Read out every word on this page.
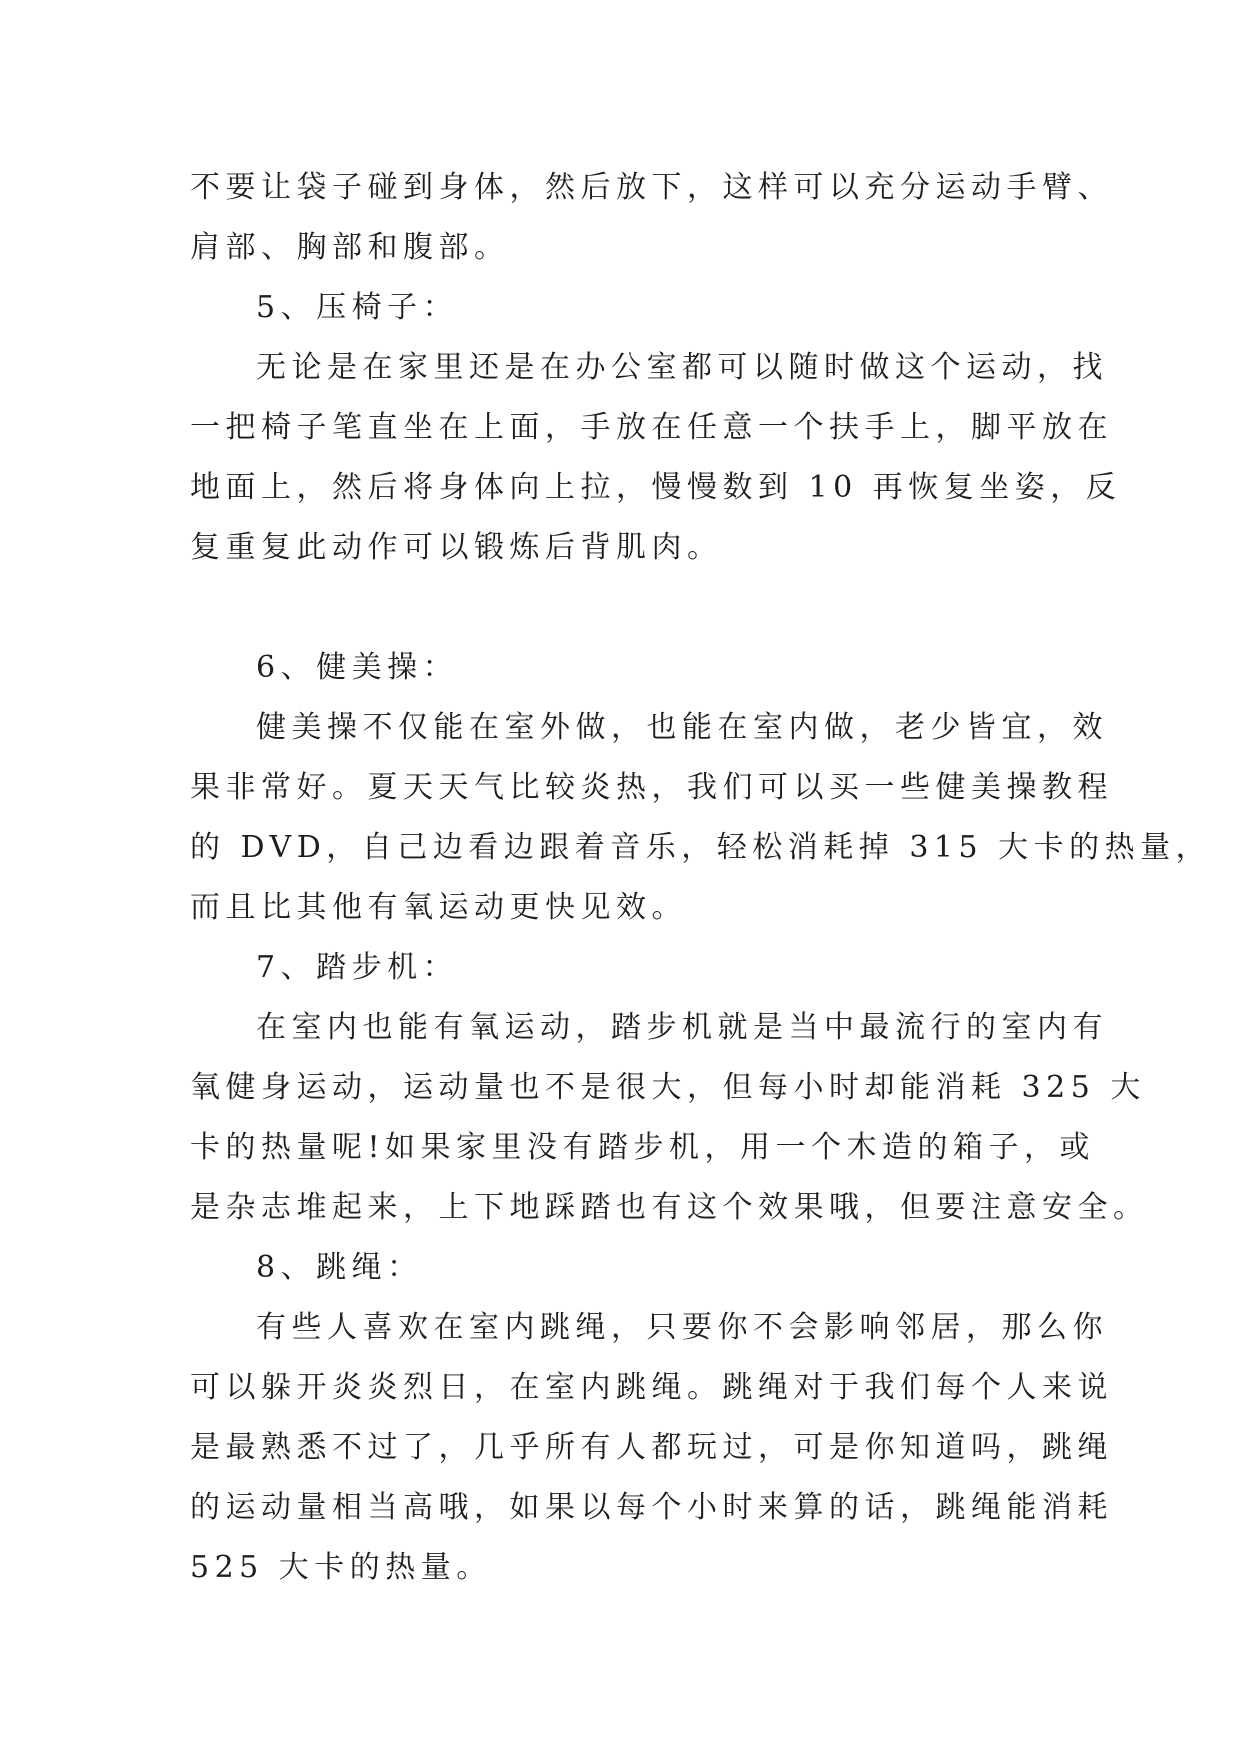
不要让袋子碰到身体，然后放下，这样可以充分运动手臂、
肩部、胸部和腹部。
5、压椅子：
无论是在家里还是在办公室都可以随时做这个运动，找
一把椅子笔直坐在上面，手放在任意一个扶手上，脚平放在
地面上，然后将身体向上拉，慢慢数到 10 再恢复坐姿，反
复重复此动作可以锻炼后背肌肉。
6、健美操：
健美操不仅能在室外做，也能在室内做，老少皆宜，效
果非常好。夏天天气比较炎热，我们可以买一些健美操教程
的 DVD，自己边看边跟着音乐，轻松消耗掉 315 大卡的热量，
而且比其他有氧运动更快见效。
7、踏步机：
在室内也能有氧运动，踏步机就是当中最流行的室内有
氧健身运动，运动量也不是很大，但每小时却能消耗 325 大
卡的热量呢!如果家里没有踏步机，用一个木造的箱子，或
是杂志堆起来，上下地踩踏也有这个效果哦，但要注意安全。
8、跳绳：
有些人喜欢在室内跳绳，只要你不会影响邻居，那么你
可以躲开炎炎烈日，在室内跳绳。跳绳对于我们每个人来说
是最熟悉不过了，几乎所有人都玩过，可是你知道吗，跳绳
的运动量相当高哦，如果以每个小时来算的话，跳绳能消耗
525 大卡的热量。
